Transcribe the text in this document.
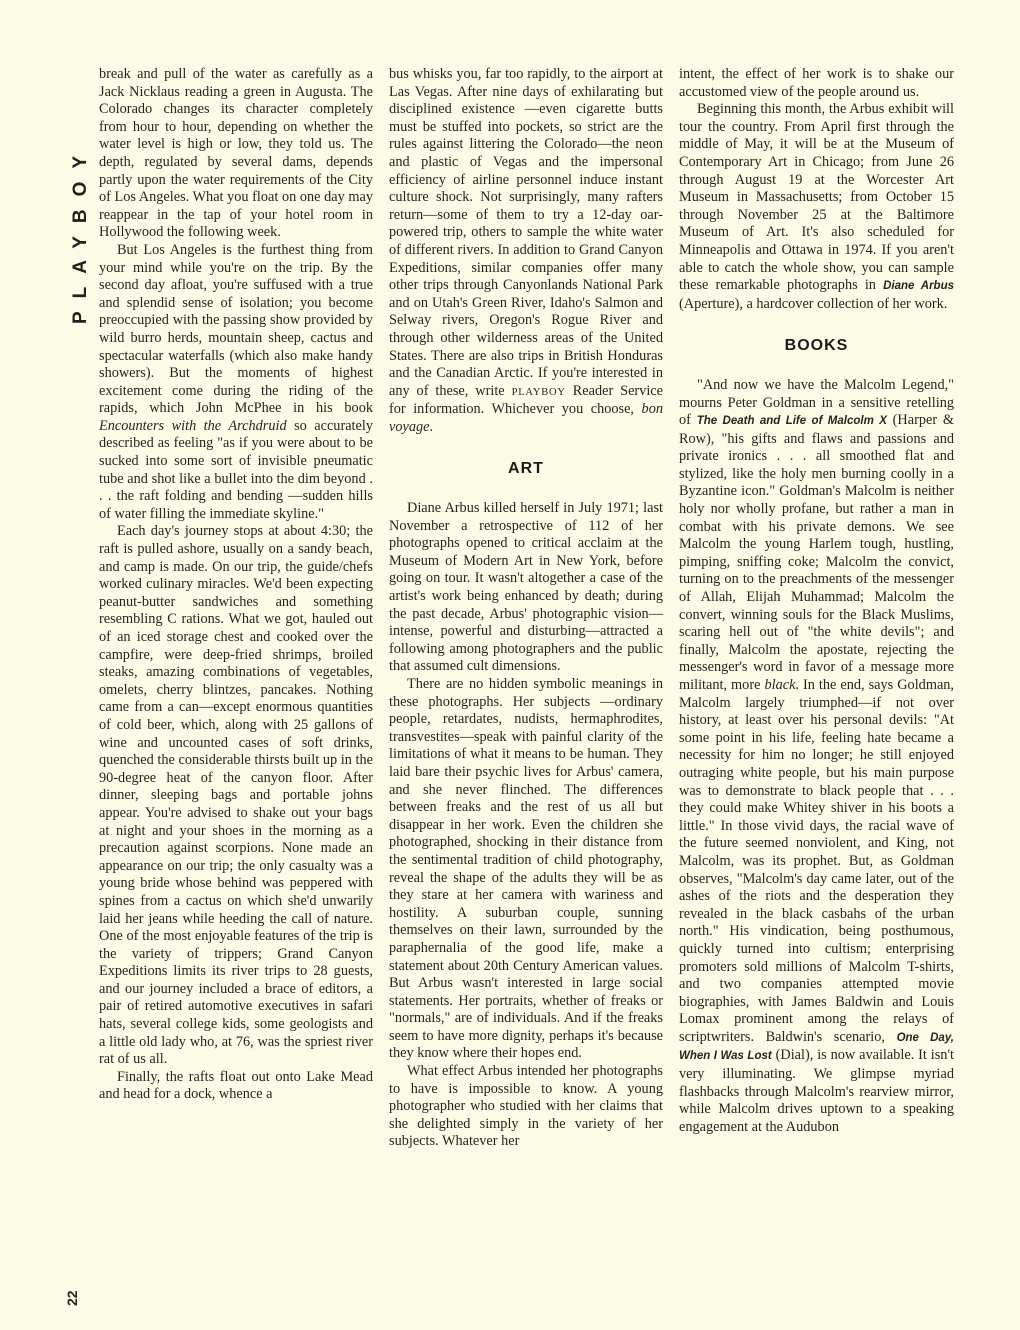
PLAYBOY
22

break and pull of the water as carefully as a Jack Nicklaus reading a green in Augusta. The Colorado changes its character completely from hour to hour, depending on whether the water level is high or low, they told us. The depth, regulated by several dams, depends partly upon the water requirements of the City of Los Angeles. What you float on one day may reappear in the tap of your hotel room in Hollywood the following week.

But Los Angeles is the furthest thing from your mind while you're on the trip. By the second day afloat, you're suffused with a true and splendid sense of isolation; you become preoccupied with the passing show provided by wild burro herds, mountain sheep, cactus and spectacular waterfalls (which also make handy showers). But the moments of highest excitement come during the riding of the rapids, which John McPhee in his book Encounters with the Archdruid so accurately described as feeling "as if you were about to be sucked into some sort of invisible pneumatic tube and shot like a bullet into the dim beyond . . . the raft folding and bending —sudden hills of water filling the immediate skyline."

Each day's journey stops at about 4:30; the raft is pulled ashore, usually on a sandy beach, and camp is made. On our trip, the guide/chefs worked culinary miracles. We'd been expecting peanut-butter sandwiches and something resembling C rations. What we got, hauled out of an iced storage chest and cooked over the campfire, were deep-fried shrimps, broiled steaks, amazing combinations of vegetables, omelets, cherry blintzes, pancakes. Nothing came from a can—except enormous quantities of cold beer, which, along with 25 gallons of wine and uncounted cases of soft drinks, quenched the considerable thirsts built up in the 90-degree heat of the canyon floor. After dinner, sleeping bags and portable johns appear. You're advised to shake out your bags at night and your shoes in the morning as a precaution against scorpions. None made an appearance on our trip; the only casualty was a young bride whose behind was peppered with spines from a cactus on which she'd unwarily laid her jeans while heeding the call of nature. One of the most enjoyable features of the trip is the variety of trippers; Grand Canyon Expeditions limits its river trips to 28 guests, and our journey included a brace of editors, a pair of retired automotive executives in safari hats, several college kids, some geologists and a little old lady who, at 76, was the spriest river rat of us all.

Finally, the rafts float out onto Lake Mead and head for a dock, whence a

bus whisks you, far too rapidly, to the airport at Las Vegas. After nine days of exhilarating but disciplined existence —even cigarette butts must be stuffed into pockets, so strict are the rules against littering the Colorado—the neon and plastic of Vegas and the impersonal efficiency of airline personnel induce instant culture shock. Not surprisingly, many rafters return—some of them to try a 12-day oar-powered trip, others to sample the white water of different rivers. In addition to Grand Canyon Expeditions, similar companies offer many other trips through Canyonlands National Park and on Utah's Green River, Idaho's Salmon and Selway rivers, Oregon's Rogue River and through other wilderness areas of the United States. There are also trips in British Honduras and the Canadian Arctic. If you're interested in any of these, write PLAYBOY Reader Service for information. Whichever you choose, bon voyage.

ART

Diane Arbus killed herself in July 1971; last November a retrospective of 112 of her photographs opened to critical acclaim at the Museum of Modern Art in New York, before going on tour. It wasn't altogether a case of the artist's work being enhanced by death; during the past decade, Arbus' photographic vision—intense, powerful and disturbing—attracted a following among photographers and the public that assumed cult dimensions.

There are no hidden symbolic meanings in these photographs. Her subjects —ordinary people, retardates, nudists, hermaphrodites, transvestites—speak with painful clarity of the limitations of what it means to be human. They laid bare their psychic lives for Arbus' camera, and she never flinched. The differences between freaks and the rest of us all but disappear in her work. Even the children she photographed, shocking in their distance from the sentimental tradition of child photography, reveal the shape of the adults they will be as they stare at her camera with wariness and hostility. A suburban couple, sunning themselves on their lawn, surrounded by the paraphernalia of the good life, make a statement about 20th Century American values. But Arbus wasn't interested in large social statements. Her portraits, whether of freaks or "normals," are of individuals. And if the freaks seem to have more dignity, perhaps it's because they know where their hopes end.

What effect Arbus intended her photographs to have is impossible to know. A young photographer who studied with her claims that she delighted simply in the variety of her subjects. Whatever her

intent, the effect of her work is to shake our accustomed view of the people around us.

Beginning this month, the Arbus exhibit will tour the country. From April first through the middle of May, it will be at the Museum of Contemporary Art in Chicago; from June 26 through August 19 at the Worcester Art Museum in Massachusetts; from October 15 through November 25 at the Baltimore Museum of Art. It's also scheduled for Minneapolis and Ottawa in 1974. If you aren't able to catch the whole show, you can sample these remarkable photographs in Diane Arbus (Aperture), a hardcover collection of her work.

BOOKS

"And now we have the Malcolm Legend," mourns Peter Goldman in a sensitive retelling of The Death and Life of Malcolm X (Harper & Row), "his gifts and flaws and passions and private ironics . . . all smoothed flat and stylized, like the holy men burning coolly in a Byzantine icon." Goldman's Malcolm is neither holy nor wholly profane, but rather a man in combat with his private demons. We see Malcolm the young Harlem tough, hustling, pimping, sniffing coke; Malcolm the convict, turning on to the preachments of the messenger of Allah, Elijah Muhammad; Malcolm the convert, winning souls for the Black Muslims, scaring hell out of "the white devils"; and finally, Malcolm the apostate, rejecting the messenger's word in favor of a message more militant, more black. In the end, says Goldman, Malcolm largely triumphed—if not over history, at least over his personal devils: "At some point in his life, feeling hate became a necessity for him no longer; he still enjoyed outraging white people, but his main purpose was to demonstrate to black people that . . . they could make Whitey shiver in his boots a little." In those vivid days, the racial wave of the future seemed nonviolent, and King, not Malcolm, was its prophet. But, as Goldman observes, "Malcolm's day came later, out of the ashes of the riots and the desperation they revealed in the black casbahs of the urban north." His vindication, being posthumous, quickly turned into cultism; enterprising promoters sold millions of Malcolm T-shirts, and two companies attempted movie biographies, with James Baldwin and Louis Lomax prominent among the relays of scriptwriters. Baldwin's scenario, One Day, When I Was Lost (Dial), is now available. It isn't very illuminating. We glimpse myriad flashbacks through Malcolm's rearview mirror, while Malcolm drives uptown to a speaking engagement at the Audubon
